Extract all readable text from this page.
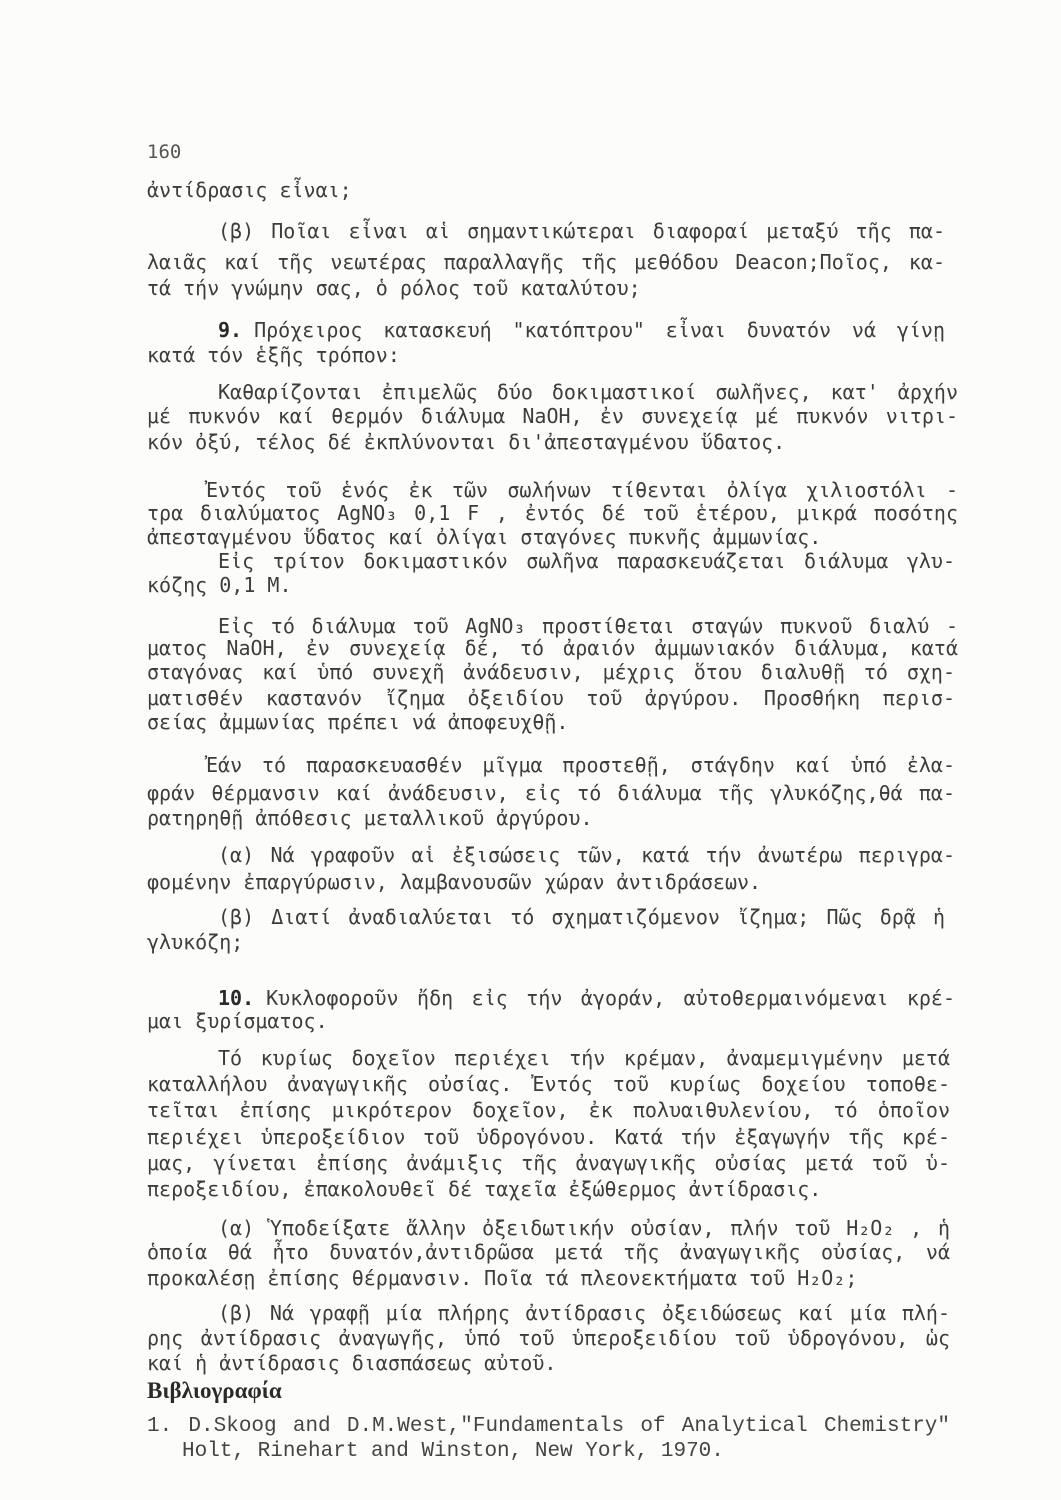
160
ἀντίδρασις εἶναι;
(β) Ποῖαι εἶναι αἱ σημαντικώτεραι διαφοραί μεταξύ τῆς πα-
λαιᾶς καί τῆς νεωτέρας παραλλαγῆς τῆς μεθόδου Deacon;Ποῖος, κα-
τά τήν γνώμην σας, ὁ ρόλος τοῦ καταλύτου;
9. Πρόχειρος κατασκευή "κατόπτρου" εἶναι δυνατόν νά γίνῃ
κατά τόν ἑξῆς τρόπον:
Καθαρίζονται ἐπιμελῶς δύο δοκιμαστικοί σωλῆνες, κατ' ἀρχήν
μέ πυκνόν καί θερμόν διάλυμα NaOH, ἐν συνεχείᾳ μέ πυκνόν νιτρι-
κόν ὀξύ, τέλος δέ ἐκπλύνονται δι'ἀπεσταγμένου ὕδατος.
Ἐντός τοῦ ἑνός ἐκ τῶν σωλήνων τίθενται ὀλίγα χιλιοστόλι -
τρα διαλύματος AgNO₃ 0,1 F , ἐντός δέ τοῦ ἑτέρου, μικρά ποσότης
ἀπεσταγμένου ὕδατος καί ὀλίγαι σταγόνες πυκνῆς ἀμμωνίας.
Εἰς τρίτον δοκιμαστικόν σωλῆνα παρασκευάζεται διάλυμα γλυ-
κόζης 0,1 M.
Εἰς τό διάλυμα τοῦ AgNO₃ προστίθεται σταγών πυκνοῦ διαλύ -
ματος NaOH, ἐν συνεχείᾳ δέ, τό ἀραιόν ἀμμωνιακόν διάλυμα, κατά
σταγόνας καί ὑπό συνεχῆ ἀνάδευσιν, μέχρις ὅτου διαλυθῇ τό σχη-
ματισθέν καστανόν ἴζημα ὀξειδίου τοῦ ἀργύρου. Προσθήκη περισ-
σείας ἀμμωνίας πρέπει νά ἀποφευχθῇ.
Ἐάν τό παρασκευασθέν μῖγμα προστεθῇ, στάγδην καί ὑπό ἐλα-
φράν θέρμανσιν καί ἀνάδευσιν, εἰς τό διάλυμα τῆς γλυκόζης,θά πα-
ρατηρηθῇ ἀπόθεσις μεταλλικοῦ ἀργύρου.
(α) Νά γραφοῦν αἱ ἐξισώσεις τῶν, κατά τήν ἀνωτέρω περιγρα-
φομένην ἐπαργύρωσιν, λαμβανουσῶν χώραν ἀντιδράσεων.
(β) Διατί ἀναδιαλύεται τό σχηματιζόμενον ἴζημα; Πῶς δρᾷ ἡ
γλυκόζη;
10. Κυκλοφοροῦν ἤδη εἰς τήν ἀγοράν, αὐτοθερμαινόμεναι κρέ-
μαι ξυρίσματος.
Τό κυρίως δοχεῖον περιέχει τήν κρέμαν, ἀναμεμιγμένην μετά
καταλλήλου ἀναγωγικῆς οὐσίας. Ἐντός τοῦ κυρίως δοχείου τοποθε-
τεῖται ἐπίσης μικρότερον δοχεῖον, ἐκ πολυαιθυλενίου, τό ὁποῖον
περιέχει ὑπεροξείδιον τοῦ ὑδρογόνου. Κατά τήν ἐξαγωγήν τῆς κρέ-
μας, γίνεται ἐπίσης ἀνάμιξις τῆς ἀναγωγικῆς οὐσίας μετά τοῦ ὑ-
περοξειδίου, ἐπακολουθεῖ δέ ταχεῖα ἐξώθερμος ἀντίδρασις.
(α) Ὑποδείξατε ἄλλην ὀξειδωτικήν οὐσίαν, πλήν τοῦ H₂O₂ , ἡ
ὁποία θά ἦτο δυνατόν,ἀντιδρῶσα μετά τῆς ἀναγωγικῆς οὐσίας, νά
προκαλέσῃ ἐπίσης θέρμανσιν. Ποῖα τά πλεονεκτήματα τοῦ H₂O₂;
(β) Νά γραφῇ μία πλήρης ἀντίδρασις ὀξειδώσεως καί μία πλή-
ρης ἀντίδρασις ἀναγωγῆς, ὑπό τοῦ ὑπεροξειδίου τοῦ ὑδρογόνου, ὡς
καί ἡ ἀντίδρασις διασπάσεως αὐτοῦ.
Βιβλιογραφία
1. D.Skoog and D.M.West,"Fundamentals of Analytical Chemistry"
Holt, Rinehart and Winston, New York, 1970.
